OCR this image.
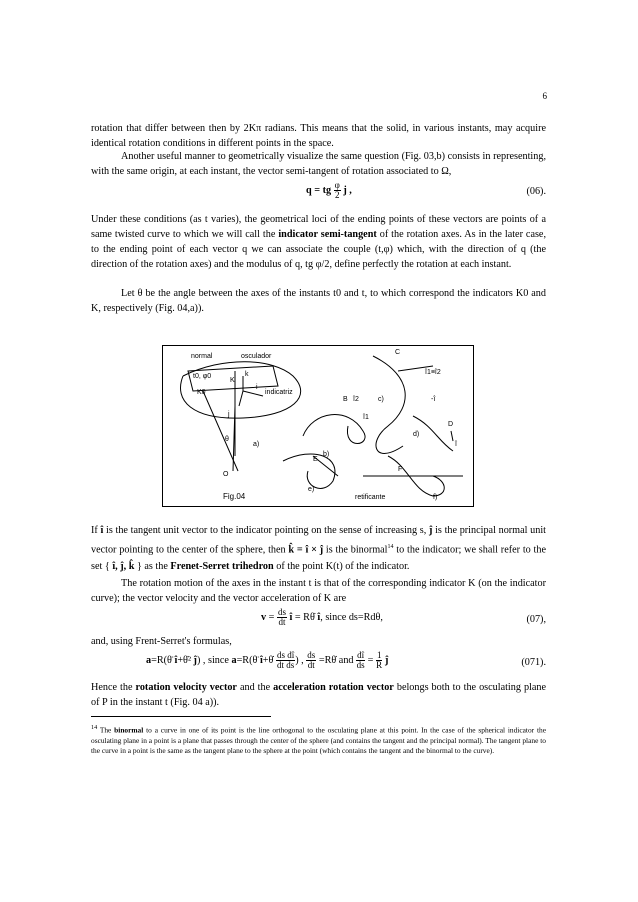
6

rotation that differ between then by 2Kπ radians. This means that the solid, in various instants, may acquire identical rotation conditions in different points in the space.

Another useful manner to geometrically visualize the same question (Fig. 03,b) consists in representing, with the same origin, at each instant, the vector semi-tangent of rotation associated to Ω,

q = tg $\frac{\varphi}{2}$ j ,	(06).

Under these conditions (as t varies), the geometrical loci of the ending points of these vectors are points of a same twisted curve to which we will call the indicator semi-tangent of the rotation axes. As in the later case, to the ending point of each vector q we can associate the couple (t,φ) which, with the direction of q (the direction of the rotation axes) and the modulus of q, tg φ/2, define perfectly the rotation at each instant.

Let θ be the angle between the axes of the instants t0 and t, to which correspond the indicators K0 and K, respectively (Fig. 04,a)).

normal	osculador
t0, φ0
K
k
i
K0	indicatriz
j
θ
a)
O
C
î1≡î2
c)	-î
B î2
î1
D
b)
d)
î
E
F
e)
retificante	f)
Fig.04

If î is the tangent unit vector to the indicator pointing on the sense of increasing s, ĵ is the principal normal unit vector pointing to the center of the sphere, then k̂ = î × ĵ is the binormal$^{14}$ to the indicator; we shall refer to the set { î, ĵ, k̂ } as the Frenet-Serret trihedron of the point K(t) of the indicator.

The rotation motion of the axes in the instant t is that of the corresponding indicator K (on the indicator curve); the vector velocity and the vector acceleration of K are

$v = \frac{ds}{dt}$ î = Rθ̇ î, since ds=Rdθ,	(07),

and, using Frent-Serret's formulas,

a=R(θ̈ î+θ̇² ĵ) , since a=R(θ̈ î+θ̇ $\frac{\text{ds dî}}{\text{dt ds}}$ ) , $\frac{ds}{dt}$ =Rθ̇ and $\frac{dî}{ds} = \frac{1}{R}$ ĵ	(071).

Hence the rotation velocity vector and the acceleration rotation vector belongs both to the osculating plane of P in the instant t (Fig. 04 a)).

$^{14}$ The binormal to a curve in one of its point is the line orthogonal to the osculating plane at this point. In the case of the spherical indicator the osculating plane in a point is a plane that passes through the center of the sphere (and contains the tangent and the principal normal). The tangent plane to the curve in a point is the same as the tangent plane to the sphere at the point (which contains the tangent and the binormal to the curve).
